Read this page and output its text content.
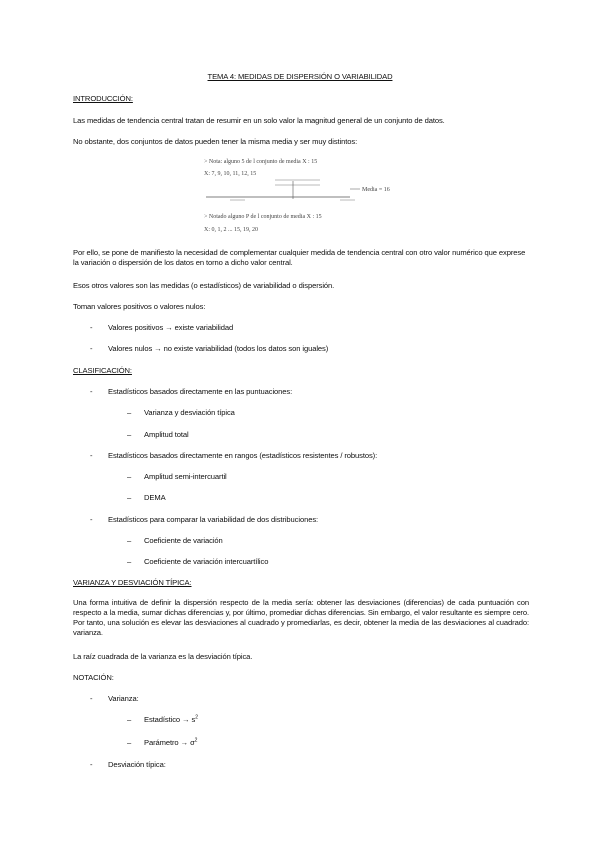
TEMA 4: MEDIDAS DE DISPERSIÓN O VARIABILIDAD
INTRODUCCIÓN:
Las medidas de tendencia central tratan de resumir en un solo valor la magnitud general de un conjunto de datos.
No obstante, dos conjuntos de datos pueden tener la misma media y ser muy distintos:
> Nota: alguno 5 de l conjunto de media X : 15
X: 7, 9, 10, 11, 12, 15
Media = 16
> Notado alguno P de l conjunto de media X : 15
X: 0, 1, 2 ... 15, 19, 20
Por ello, se pone de manifiesto la necesidad de complementar cualquier medida de tendencia central con otro valor numérico que exprese la variación o dispersión de los datos en torno a dicho valor central.
Esos otros valores son las medidas (o estadísticos) de variabilidad o dispersión.
Toman valores positivos o valores nulos:
- Valores positivos → existe variabilidad
- Valores nulos → no existe variabilidad (todos los datos son iguales)
CLASIFICACIÓN:
- Estadísticos basados directamente en las puntuaciones:
– Varianza y desviación típica
– Amplitud total
- Estadísticos basados directamente en rangos (estadísticos resistentes / robustos):
– Amplitud semi-intercuartil
– DEMA
- Estadísticos para comparar la variabilidad de dos distribuciones:
– Coeficiente de variación
– Coeficiente de variación intercuartílico
VARIANZA Y DESVIACIÓN TÍPICA:
Una forma intuitiva de definir la dispersión respecto de la media sería: obtener las desviaciones (diferencias) de cada puntuación con respecto a la media, sumar dichas diferencias y, por último, promediar dichas diferencias. Sin embargo, el valor resultante es siempre cero. Por tanto, una solución es elevar las desviaciones al cuadrado y promediarlas, es decir, obtener la media de las desviaciones al cuadrado: varianza.
La raíz cuadrada de la varianza es la desviación típica.
NOTACIÓN:
- Varianza:
– Estadístico → $s^2$
– Parámetro → $\sigma^2$
- Desviación típica:
